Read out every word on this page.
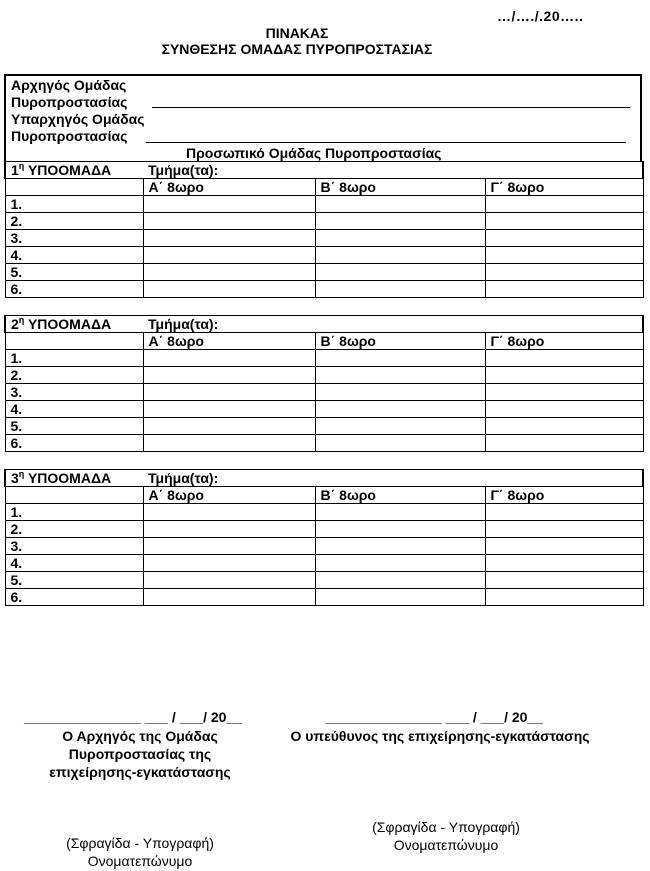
…/…./.20…..
ΠΙΝΑΚΑΣ
ΣΥΝΘΕΣΗΣ ΟΜΑΔΑΣ ΠΥΡΟΠΡΟΣΤΑΣΙΑΣ
Αρχηγός Ομάδας
Πυροπροστασίας
Υπαρχηγός Ομάδας
Πυροπροστασίας
Προσωπικό Ομάδας Πυροπροστασίας
$1^\eta$ ΥΠΟΟΜΑΔΑ	Τμήμα(τα):		
	Α΄ 8ωρο	Β΄ 8ωρο	Γ΄ 8ωρο
1.			
2.			
3.			
4.			
5.			
6.			
$2^\eta$ ΥΠΟΟΜΑΔΑ	Τμήμα(τα):		
	Α΄ 8ωρο	Β΄ 8ωρο	Γ΄ 8ωρο
1.			
2.			
3.			
4.			
5.			
6.			
$3^\eta$ ΥΠΟΟΜΑΔΑ	Τμήμα(τα):		
	Α΄ 8ωρο	Β΄ 8ωρο	Γ΄ 8ωρο
1.			
2.			
3.			
4.			
5.			
6.			
_______________ ___ / ___/ 20__
Ο Αρχηγός της Ομάδας
Πυροπροστασίας της
επιχείρησης-εγκατάστασης
(Σφραγίδα - Υπογραφή)
Ονοματεπώνυμο
_______________ ___ / ___/ 20__
Ο υπεύθυνος της επιχείρησης-εγκατάστασης
(Σφραγίδα - Υπογραφή)
Ονοματεπώνυμο
